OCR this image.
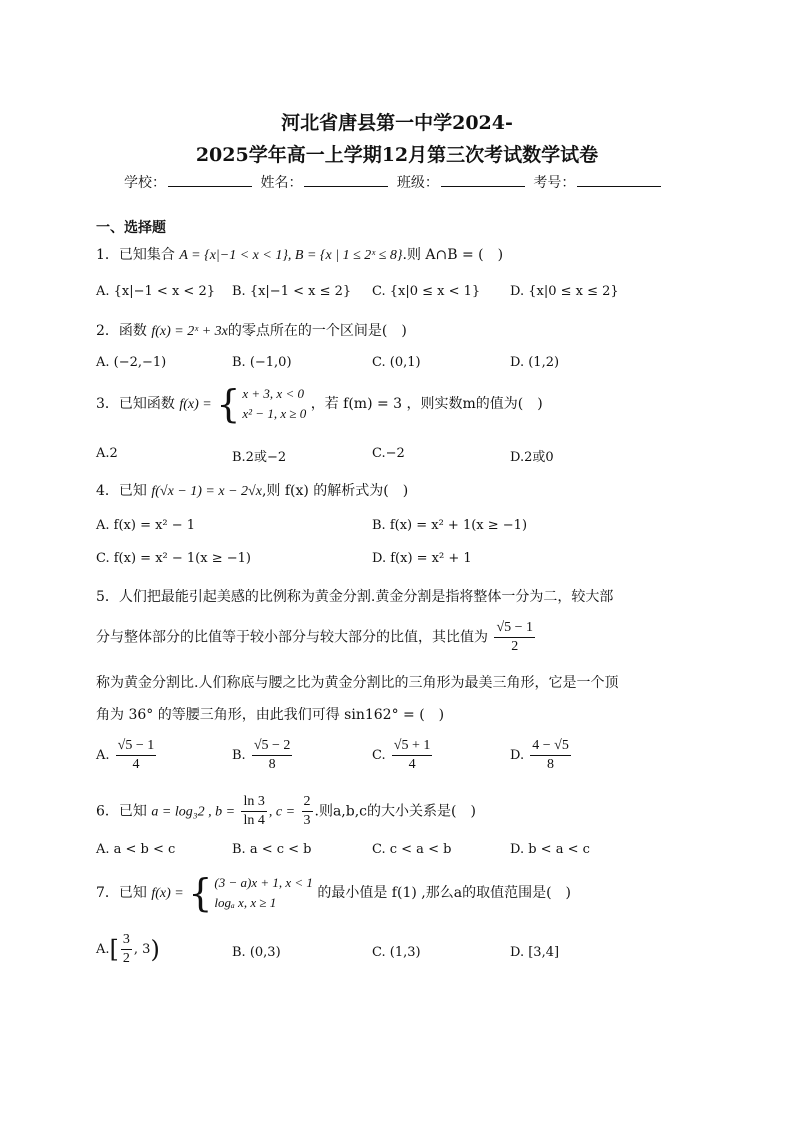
河北省唐县第一中学2024-
2025学年高一上学期12月第三次考试数学试卷
学校：	姓名：	班级：	考号：
一、选择题
1．已知集合 A = {x|−1 < x < 1}, B = {x | 1 ≤ 2ˣ ≤ 8}.则 A∩B = (　)
A. {x|−1 < x < 2} B. {x|−1 < x ≤ 2} C. {x|0 ≤ x < 1} D. {x|0 ≤ x ≤ 2}
2．函数 f(x) = 2ˣ + 3x的零点所在的一个区间是(　)
A. (−2,−1)	B. (−1,0)	C. (0,1)	D. (1,2)
3．已知函数 f(x) = { x + 3, x < 0
x² − 1, x ≥ 0
，若 f(m) = 3 ，则实数m的值为(　)
A.2	B.2或−2	C.−2	D.2或0
4．已知 f(√x − 1) = x − 2√x,则 f(x) 的解析式为(　)
A. f(x) = x² − 1	B. f(x) = x² + 1(x ≥ −1)
C. f(x) = x² − 1(x ≥ −1)	D. f(x) = x² + 1
5．人们把最能引起美感的比例称为黄金分割.黄金分割是指将整体一分为二，较大部
分与整体部分的比值等于较小部分与较大部分的比值，其比值为 $\frac{√5 - 1}{2}$
称为黄金分割比.人们称底与腰之比为黄金分割比的三角形为最美三角形，它是一个顶
角为 36° 的等腰三角形，由此我们可得 sin162° = (　)
A. $\frac{√5 - 1}{4}$	B. $\frac{√5 - 2}{8}$	C. $\frac{√5 + 1}{4}$	D. $\frac{4 - √5}{8}$
6．已知 a = log₃2 , $b = \frac{\ln 3}{\ln 4}$ , $c = \frac{2}{3}$ .则a,b,c的大小关系是(　)
A. a < b < c	B. a < c < b	C. c < a < b	D. b < a < c
7．已知 f(x) = { (3 − a)x + 1, x < 1
logₐ x, x ≥ 1
的最小值是 f(1) ,那么a的取值范围是(　)
$A.[ \frac{3}{2}$ , 3)	B. (0,3)	C. (1,3)	D. [3,4]
